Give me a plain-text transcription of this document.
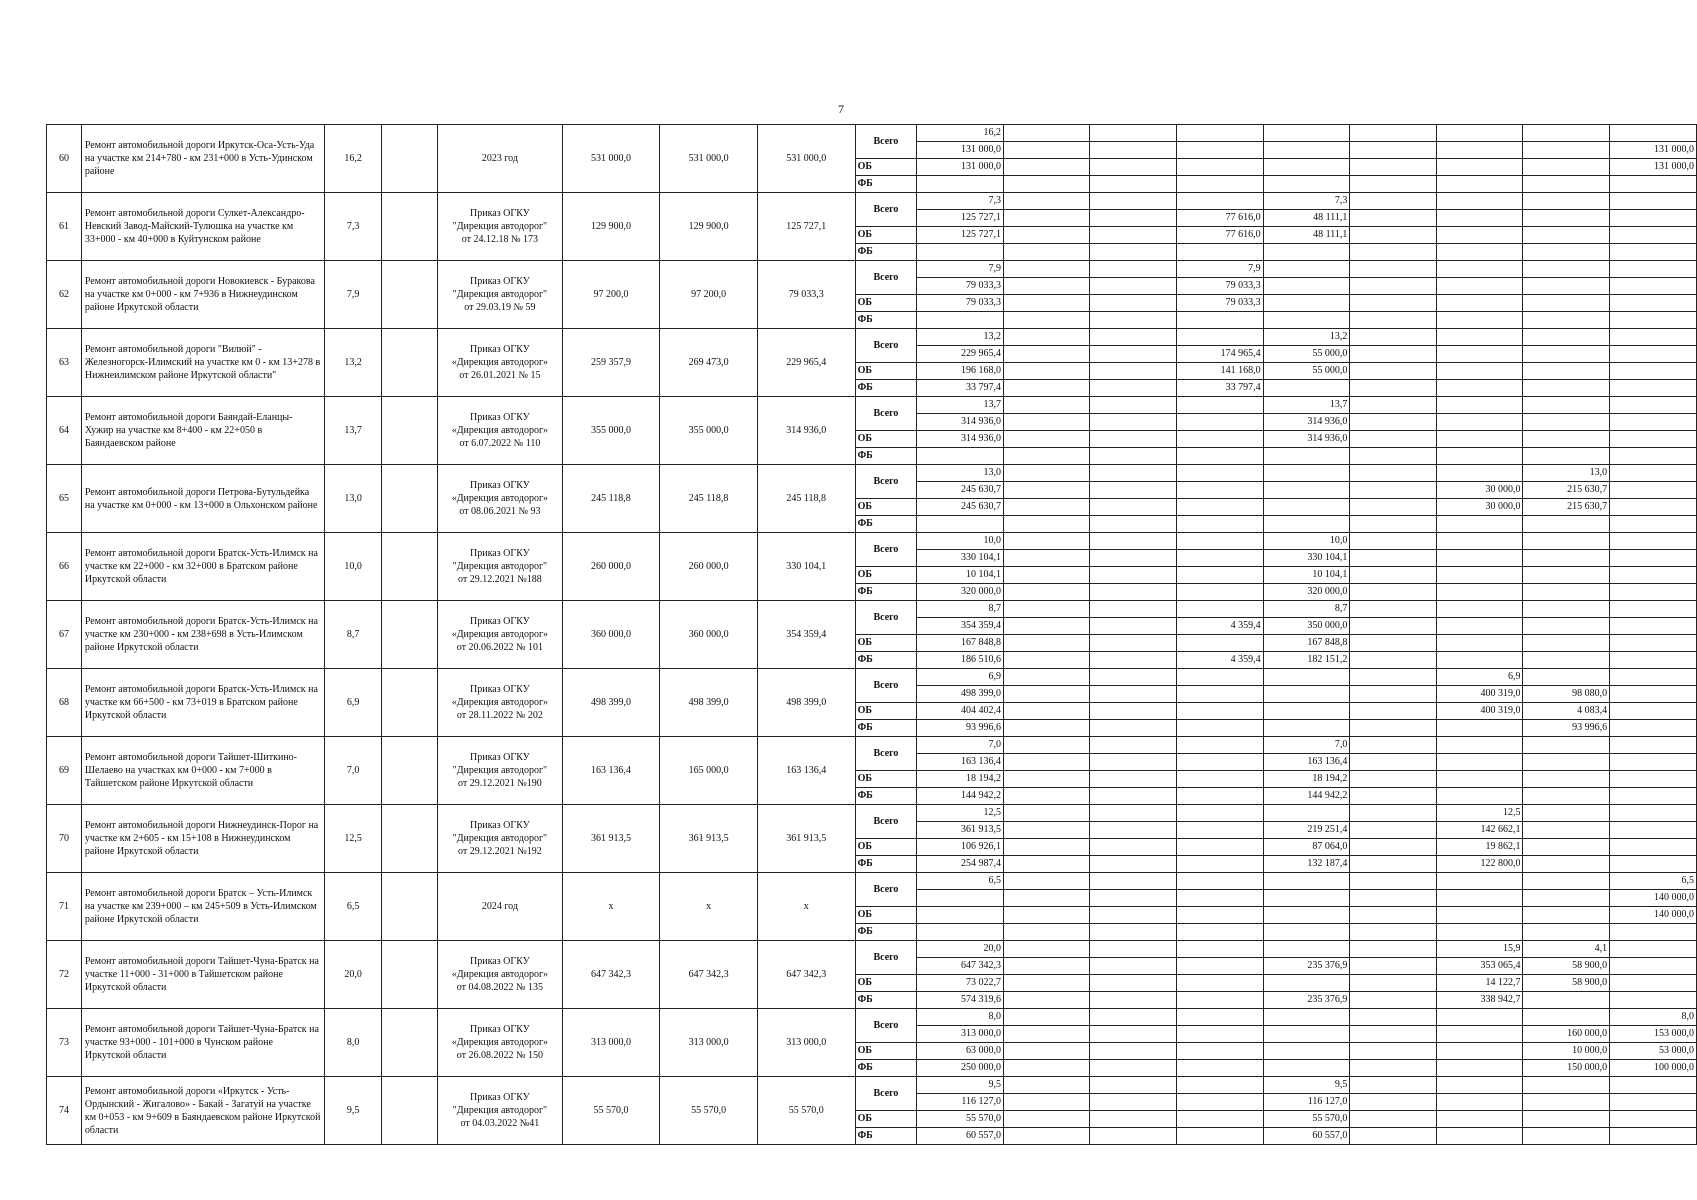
7
60	Ремонт автомобильной дороги Иркутск-Оса-Усть-Уда на участке км 214+780 - км 231+000 в Усть-Удинском районе	16,2		2023 год	531 000,0	531 000,0	531 000,0	Всего	16,2								
									131 000,0								131 000,0
								ОБ	131 000,0								131 000,0
								ФБ									
61	Ремонт автомобильной дороги Сулкет-Александро-Невский Завод-Майский-Тулюшка на участке км 33+000 - км 40+000 в Куйтунском районе	7,3		Приказ ОГКУ
"Дирекция автодорог"
от 24.12.18 № 173	129 900,0	129 900,0	125 727,1	Всего	7,3				7,3				
									125 727,1			77 616,0	48 111,1				
								ОБ	125 727,1			77 616,0	48 111,1				
								ФБ									
62	Ремонт автомобильной дороги Новокиевск - Буракова на участке км 0+000 - км 7+936 в Нижнеудинском районе Иркутской области	7,9		Приказ ОГКУ
"Дирекция автодорог"
от 29.03.19 № 59	97 200,0	97 200,0	79 033,3	Всего	7,9			7,9					
									79 033,3			79 033,3					
								ОБ	79 033,3			79 033,3					
								ФБ									
63	Ремонт автомобильной дороги "Вилюй" - Железногорск-Илимский на участке км 0 - км 13+278 в Нижнеилимском районе Иркутской области"	13,2		Приказ ОГКУ
«Дирекция автодорог»
от 26.01.2021 № 15	259 357,9	269 473,0	229 965,4	Всего	13,2				13,2				
									229 965,4			174 965,4	55 000,0				
								ОБ	196 168,0			141 168,0	55 000,0				
								ФБ	33 797,4			33 797,4					
64	Ремонт автомобильной дороги Баяндай-Еланцы-Хужир на участке км 8+400 - км 22+050 в Баяндаевском районе	13,7		Приказ ОГКУ
«Дирекция автодорог»
от 6.07.2022 № 110	355 000,0	355 000,0	314 936,0	Всего	13,7				13,7				
									314 936,0				314 936,0				
								ОБ	314 936,0				314 936,0				
								ФБ									
65	Ремонт автомобильной дороги Петрова-Бутульдейка на участке км 0+000 - км 13+000 в Ольхонском районе	13,0		Приказ ОГКУ
«Дирекция автодорог»
от 08.06.2021 № 93	245 118,8	245 118,8	245 118,8	Всего	13,0							13,0	
									245 630,7						30 000,0	215 630,7	
								ОБ	245 630,7						30 000,0	215 630,7	
								ФБ									
66	Ремонт автомобильной дороги Братск-Усть-Илимск на участке км 22+000 - км 32+000 в Братском районе Иркутской области	10,0		Приказ ОГКУ
"Дирекция автодорог"
от 29.12.2021 №188	260 000,0	260 000,0	330 104,1	Всего	10,0				10,0				
									330 104,1				330 104,1				
								ОБ	10 104,1				10 104,1				
								ФБ	320 000,0				320 000,0				
67	Ремонт автомобильной дороги Братск-Усть-Илимск на участке км 230+000 - км 238+698 в Усть-Илимском районе Иркутской области	8,7		Приказ ОГКУ
«Дирекция автодорог»
от 20.06.2022 № 101	360 000,0	360 000,0	354 359,4	Всего	8,7				8,7				
									354 359,4			4 359,4	350 000,0				
								ОБ	167 848,8				167 848,8				
								ФБ	186 510,6			4 359,4	182 151,2				
68	Ремонт автомобильной дороги Братск-Усть-Илимск на участке км 66+500 - км 73+019 в Братском районе Иркутской области	6,9		Приказ ОГКУ
«Дирекция автодорог»
от 28.11.2022 № 202	498 399,0	498 399,0	498 399,0	Всего	6,9						6,9		
									498 399,0						400 319,0	98 080,0	
								ОБ	404 402,4						400 319,0	4 083,4	
								ФБ	93 996,6							93 996,6	
69	Ремонт автомобильной дороги Тайшет-Шиткино-Шелаево на участках км 0+000 - км 7+000 в Тайшетском районе Иркутской области	7,0		Приказ ОГКУ
"Дирекция автодорог"
от 29.12.2021 №190	163 136,4	165 000,0	163 136,4	Всего	7,0				7,0				
									163 136,4				163 136,4				
								ОБ	18 194,2				18 194,2				
								ФБ	144 942,2				144 942,2				
70	Ремонт автомобильной дороги Нижнеудинск-Порог на участке км 2+605 - км 15+108 в Нижнеудинском районе Иркутской области	12,5		Приказ ОГКУ
"Дирекция автодорог"
от 29.12.2021 №192	361 913,5	361 913,5	361 913,5	Всего	12,5						12,5		
									361 913,5				219 251,4		142 662,1		
								ОБ	106 926,1				87 064,0		19 862,1		
								ФБ	254 987,4				132 187,4		122 800,0		
71	Ремонт автомобильной дороги Братск – Усть-Илимск на участке км 239+000 – км 245+509 в Усть-Илимском районе Иркутской области	6,5		2024 год	x	x	x	Всего	6,5								6,5
																	140 000,0
								ОБ									140 000,0
								ФБ									
72	Ремонт автомобильной дороги Тайшет-Чуна-Братск на участке 11+000 - 31+000 в Тайшетском районе Иркутской области	20,0		Приказ ОГКУ
«Дирекция автодорог»
от 04.08.2022 № 135	647 342,3	647 342,3	647 342,3	Всего	20,0						15,9	4,1	
									647 342,3				235 376,9		353 065,4	58 900,0	
								ОБ	73 022,7						14 122,7	58 900,0	
								ФБ	574 319,6				235 376,9		338 942,7		
73	Ремонт автомобильной дороги Тайшет-Чуна-Братск на участке 93+000 - 101+000 в Чунском районе Иркутской области	8,0		Приказ ОГКУ
«Дирекция автодорог»
от 26.08.2022 № 150	313 000,0	313 000,0	313 000,0	Всего	8,0								8,0
									313 000,0							160 000,0	153 000,0
								ОБ	63 000,0							10 000,0	53 000,0
								ФБ	250 000,0							150 000,0	100 000,0
74	Ремонт автомобильной дороги «Иркутск - Усть-Ордынский - Жигалово» - Бакай - Загатуй на участке км 0+053 - км 9+609 в Баяндаевском районе Иркутской области	9,5		Приказ ОГКУ
"Дирекция автодорог"
от 04.03.2022 №41	55 570,0	55 570,0	55 570,0	Всего	9,5				9,5				
									116 127,0				116 127,0				
								ОБ	55 570,0				55 570,0				
								ФБ	60 557,0				60 557,0				
